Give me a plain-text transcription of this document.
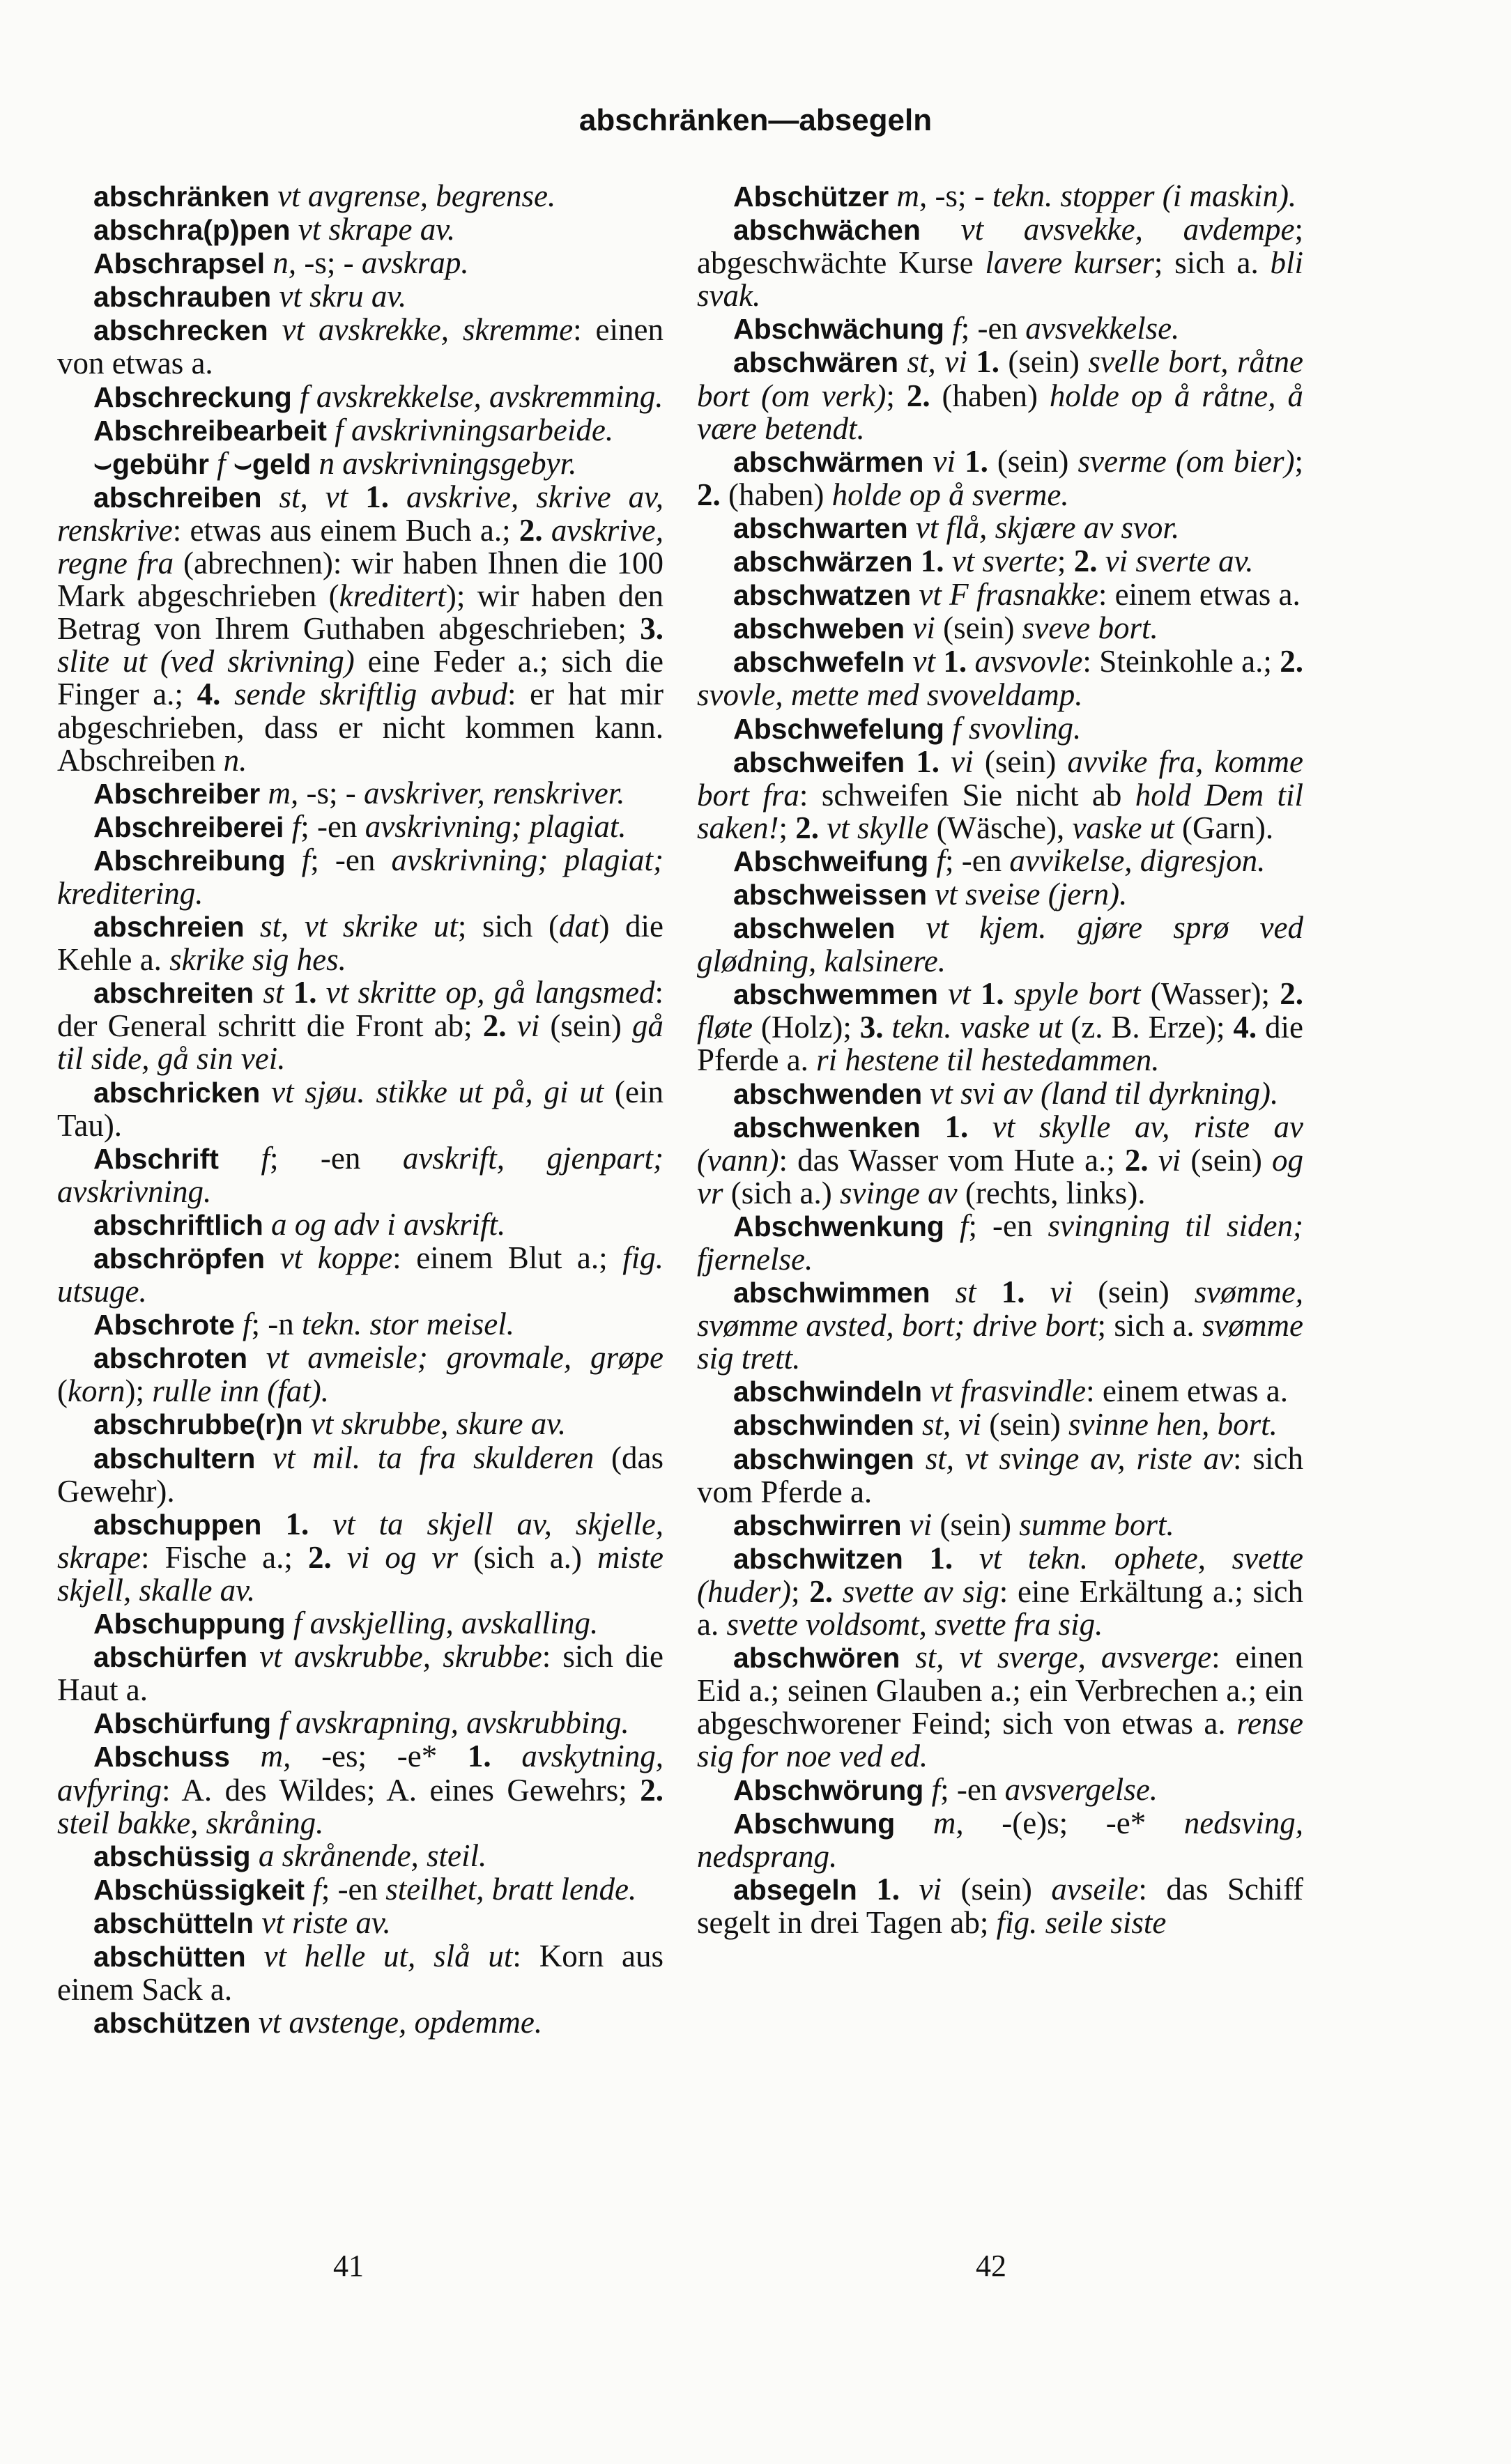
abschränken—absegeln

abschränken vt avgrense, begrense.

abschra(p)pen vt skrape av.

Abschrapsel n, -s; - avskrap.

abschrauben vt skru av.

abschrecken vt avskrekke, skremme: einen von etwas a.

Abschreckung f avskrekkelse, avskremming.

Abschreibearbeit f avskrivningsarbeide.

⌣gebühr f ⌣geld n avskrivningsgebyr.

abschreiben st, vt 1. avskrive, skrive av, renskrive: etwas aus einem Buch a.; 2. avskrive, regne fra (abrechnen): wir haben Ihnen die 100 Mark abgeschrieben (kreditert); wir haben den Betrag von Ihrem Guthaben abgeschrieben; 3. slite ut (ved skrivning) eine Feder a.; sich die Finger a.; 4. sende skriftlig avbud: er hat mir abgeschrieben, dass er nicht kommen kann. Abschreiben n.

Abschreiber m, -s; - avskriver, renskriver.

Abschreiberei f; -en avskrivning; plagiat.

Abschreibung f; -en avskrivning; plagiat; kreditering.

abschreien st, vt skrike ut; sich (dat) die Kehle a. skrike sig hes.

abschreiten st 1. vt skritte op, gå langsmed: der General schritt die Front ab; 2. vi (sein) gå til side, gå sin vei.

abschricken vt sjøu. stikke ut på, gi ut (ein Tau).

Abschrift f; -en avskrift, gjenpart; avskrivning.

abschriftlich a og adv i avskrift.

abschröpfen vt koppe: einem Blut a.; fig. utsuge.

Abschrote f; -n tekn. stor meisel.

abschroten vt avmeisle; grovmale, grøpe (korn); rulle inn (fat).

abschrubbe(r)n vt skrubbe, skure av.

abschultern vt mil. ta fra skulderen (das Gewehr).

abschuppen 1. vt ta skjell av, skjelle, skrape: Fische a.; 2. vi og vr (sich a.) miste skjell, skalle av.

Abschuppung f avskjelling, avskalling.

abschürfen vt avskrubbe, skrubbe: sich die Haut a.

Abschürfung f avskrapning, avskrubbing.

Abschuss m, -es; -e* 1. avskytning, avfyring: A. des Wildes; A. eines Gewehrs; 2. steil bakke, skråning.

abschüssig a skrånende, steil.

Abschüssigkeit f; -en steilhet, bratt lende.

abschütteln vt riste av.

abschütten vt helle ut, slå ut: Korn aus einem Sack a.

abschützen vt avstenge, opdemme.

Abschützer m, -s; - tekn. stopper (i maskin).

abschwächen vt avsvekke, avdempe; abgeschwächte Kurse lavere kurser; sich a. bli svak.

Abschwächung f; -en avsvekkelse.

abschwären st, vi 1. (sein) svelle bort, råtne bort (om verk); 2. (haben) holde op å råtne, å være betendt.

abschwärmen vi 1. (sein) sverme (om bier); 2. (haben) holde op å sverme.

abschwarten vt flå, skjære av svor.

abschwärzen 1. vt sverte; 2. vi sverte av.

abschwatzen vt F frasnakke: einem etwas a.

abschweben vi (sein) sveve bort.

abschwefeln vt 1. avsvovle: Steinkohle a.; 2. svovle, mette med svoveldamp.

Abschwefelung f svovling.

abschweifen 1. vi (sein) avvike fra, komme bort fra: schweifen Sie nicht ab hold Dem til saken!; 2. vt skylle (Wäsche), vaske ut (Garn).

Abschweifung f; -en avvikelse, digresjon.

abschweissen vt sveise (jern).

abschwelen vt kjem. gjøre sprø ved glødning, kalsinere.

abschwemmen vt 1. spyle bort (Wasser); 2. fløte (Holz); 3. tekn. vaske ut (z. B. Erze); 4. die Pferde a. ri hestene til hestedammen.

abschwenden vt svi av (land til dyrkning).

abschwenken 1. vt skylle av, riste av (vann): das Wasser vom Hute a.; 2. vi (sein) og vr (sich a.) svinge av (rechts, links).

Abschwenkung f; -en svingning til siden; fjernelse.

abschwimmen st 1. vi (sein) svømme, svømme avsted, bort; drive bort; sich a. svømme sig trett.

abschwindeln vt frasvindle: einem etwas a.

abschwinden st, vi (sein) svinne hen, bort.

abschwingen st, vt svinge av, riste av: sich vom Pferde a.

abschwirren vi (sein) summe bort.

abschwitzen 1. vt tekn. ophete, svette (huder); 2. svette av sig: eine Erkältung a.; sich a. svette voldsomt, svette fra sig.

abschwören st, vt sverge, avsverge: einen Eid a.; seinen Glauben a.; ein Verbrechen a.; ein abgeschworener Feind; sich von etwas a. rense sig for noe ved ed.

Abschwörung f; -en avsvergelse.

Abschwung m, -(e)s; -e* nedsving, nedsprang.

absegeln 1. vi (sein) avseile: das Schiff segelt in drei Tagen ab; fig. seile siste

41	42
